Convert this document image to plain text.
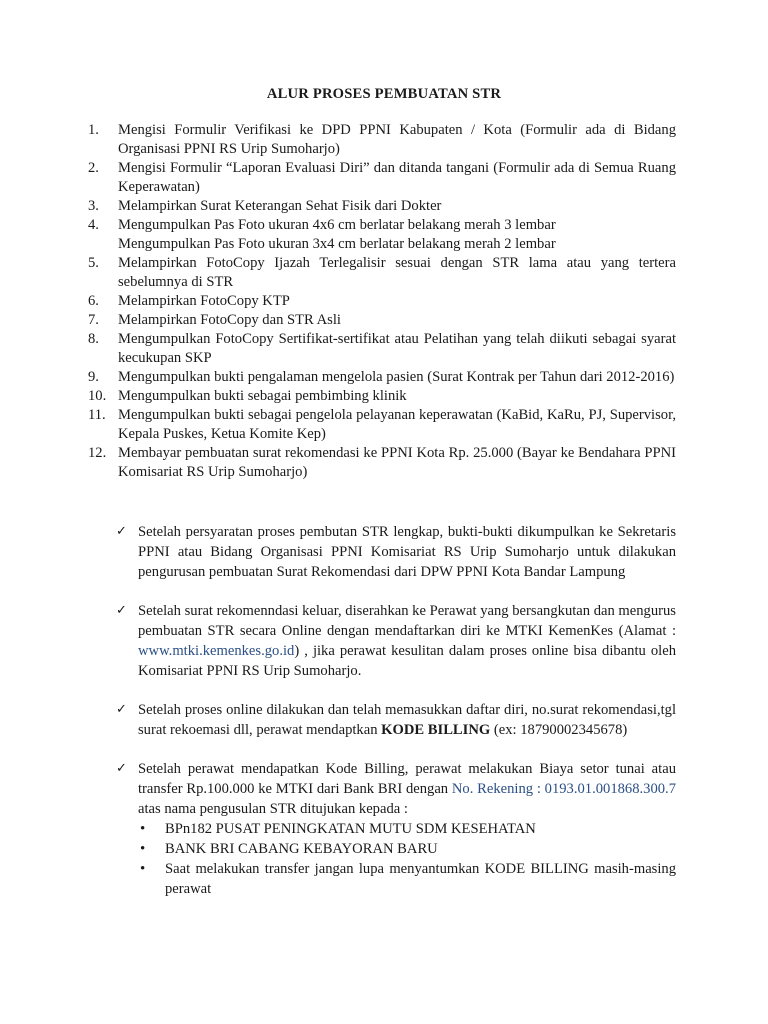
ALUR PROSES PEMBUATAN STR
1. Mengisi Formulir Verifikasi ke DPD PPNI Kabupaten / Kota (Formulir ada di Bidang Organisasi PPNI RS Urip Sumoharjo)
2. Mengisi Formulir “Laporan Evaluasi Diri” dan ditanda tangani (Formulir ada di Semua Ruang Keperawatan)
3. Melampirkan Surat Keterangan Sehat Fisik dari Dokter
4. Mengumpulkan Pas Foto ukuran 4x6 cm berlatar belakang merah 3 lembar
Mengumpulkan Pas Foto ukuran 3x4 cm berlatar belakang merah 2 lembar
5. Melampirkan FotoCopy Ijazah Terlegalisir sesuai dengan STR lama atau yang tertera sebelumnya di STR
6. Melampirkan FotoCopy KTP
7. Melampirkan FotoCopy dan STR Asli
8. Mengumpulkan FotoCopy Sertifikat-sertifikat atau Pelatihan yang telah diikuti sebagai syarat kecukupan SKP
9. Mengumpulkan bukti pengalaman mengelola pasien (Surat Kontrak per Tahun dari 2012-2016)
10. Mengumpulkan bukti sebagai pembimbing klinik
11. Mengumpulkan bukti sebagai pengelola pelayanan keperawatan (KaBid, KaRu, PJ, Supervisor, Kepala Puskes, Ketua Komite Kep)
12. Membayar pembuatan surat rekomendasi ke PPNI Kota Rp. 25.000 (Bayar ke Bendahara PPNI Komisariat RS Urip Sumoharjo)
✓ Setelah persyaratan proses pembutan STR lengkap, bukti-bukti dikumpulkan ke Sekretaris PPNI atau Bidang Organisasi PPNI Komisariat RS Urip Sumoharjo untuk dilakukan pengurusan pembuatan Surat Rekomendasi dari DPW PPNI Kota Bandar Lampung
✓ Setelah surat rekomenndasi keluar, diserahkan ke Perawat yang bersangkutan dan mengurus pembuatan STR secara Online dengan mendaftarkan diri ke MTKI KemenKes (Alamat : www.mtki.kemenkes.go.id) , jika perawat kesulitan dalam proses online bisa dibantu oleh Komisariat PPNI RS Urip Sumoharjo.
✓ Setelah proses online dilakukan dan telah memasukkan daftar diri, no.surat rekomendasi,tgl surat rekoemasi dll, perawat mendaptkan KODE BILLING (ex: 18790002345678)
✓ Setelah perawat mendapatkan Kode Billing, perawat melakukan Biaya setor tunai atau transfer Rp.100.000 ke MTKI dari Bank BRI dengan No. Rekening : 0193.01.001868.300.7 atas nama pengusulan STR ditujukan kepada :
• BPn182 PUSAT PENINGKATAN MUTU SDM KESEHATAN
• BANK BRI CABANG KEBAYORAN BARU
• Saat melakukan transfer jangan lupa menyantumkan KODE BILLING masih-masing perawat
